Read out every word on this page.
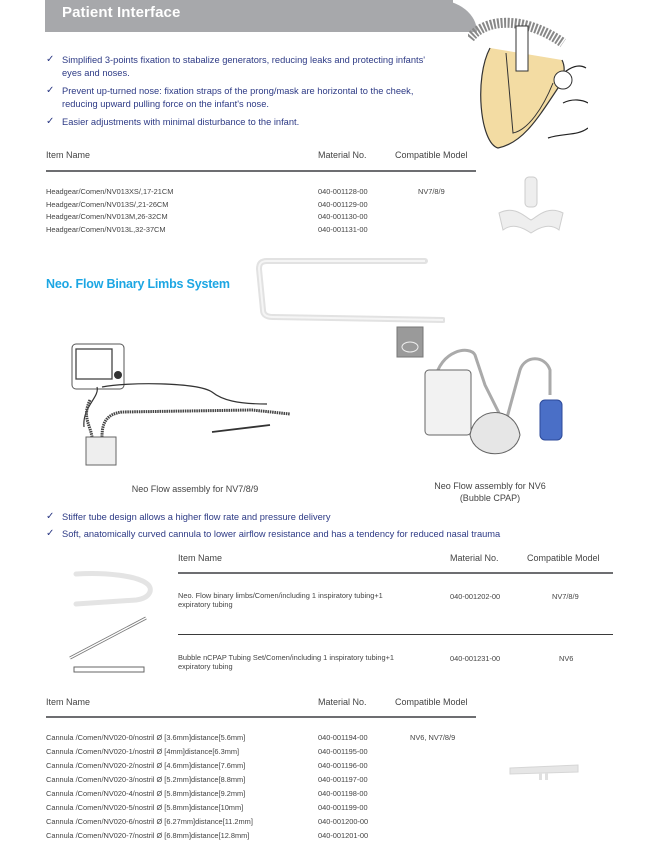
Patient Interface
✓ Simplified 3-points fixation to stabalize generators, reducing leaks and protecting infants'
eyes and noses.
✓ Prevent up-turned nose: fixation straps of the prong/mask are horizontal to the cheek,
reducing upward pulling force on the infant's nose.
✓ Easier adjustments with minimal disturbance to the infant.
Item Name	Material No.	Compatible Model
Headgear/Comen/NV013XS/,17-21CM	040-001128-00	NV7/8/9
Headgear/Comen/NV013S/,21-26CM	040-001129-00
Headgear/Comen/NV013M,26-32CM	040-001130-00
Headgear/Comen/NV013L,32-37CM	040-001131-00
Neo. Flow Binary Limbs System
Neo Flow assembly for NV7/8/9	Neo Flow assembly for NV6
(Bubble CPAP)
✓ Stiffer tube design allows a higher flow rate and pressure delivery
✓ Soft, anatomically curved cannula to lower airflow resistance and has a tendency for reduced nasal trauma
Item Name	Material No.	Compatible Model
Neo. Flow binary limbs/Comen/including 1 inspiratory tubing+1
expiratory tubing
040-001202-00	NV7/8/9
Bubble nCPAP Tubing Set/Comen/including 1 inspiratory tubing+1
expiratory tubing
040-001231-00	NV6
Item Name	Material No.	Compatible Model
Cannula /Comen/NV020-0/nostril Ø [3.6mm]distance[5.6mm]	040-001194-00	NV6, NV7/8/9
Cannula /Comen/NV020-1/nostril Ø [4mm]distance[6.3mm]	040-001195-00
Cannula /Comen/NV020-2/nostril Ø [4.6mm]distance[7.6mm]	040-001196-00
Cannula /Comen/NV020-3/nostril Ø [5.2mm]distance[8.8mm]	040-001197-00
Cannula /Comen/NV020-4/nostril Ø [5.8mm]distance[9.2mm]	040-001198-00
Cannula /Comen/NV020-5/nostril Ø [5.8mm]distance[10mm]	040-001199-00
Cannula /Comen/NV020-6/nostril Ø [6.27mm]distance[11.2mm]	040-001200-00
Cannula /Comen/NV020-7/nostril Ø [6.8mm]distance[12.8mm]	040-001201-00
